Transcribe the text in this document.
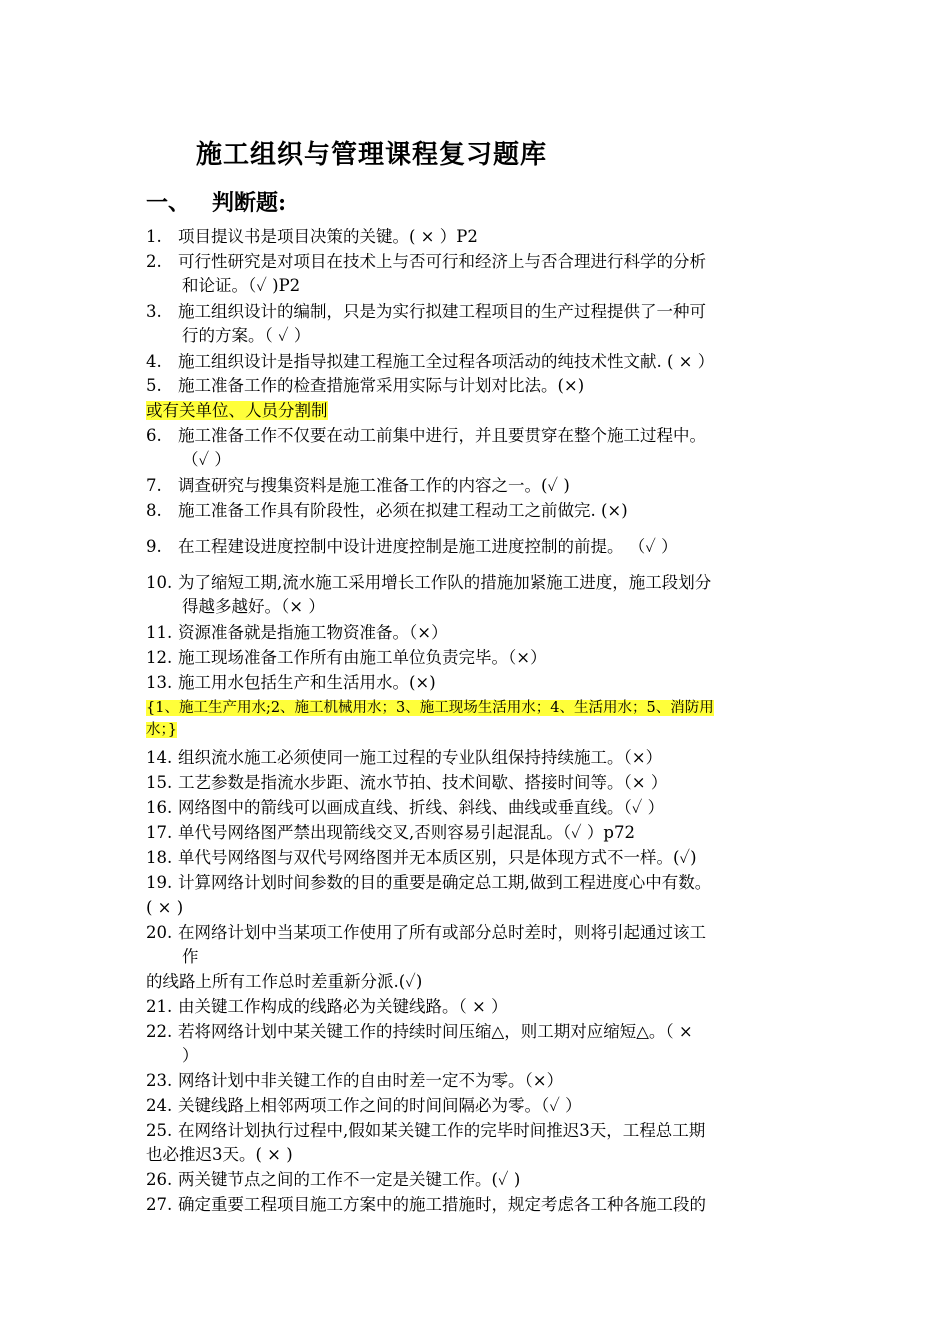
施工组织与管理课程复习题库
一、 判断题:
1. 项目提议书是项目决策的关键。( × ）P2
2. 可行性研究是对项目在技术上与否可行和经济上与否合理进行科学的分析
和论证。（✓ )P2
3. 施工组织设计的编制，只是为实行拟建工程项目的生产过程提供了一种可
行的方案。（ ✓ ）
4. 施工组织设计是指导拟建工程施工全过程各项活动的纯技术性文献. ( × ）
5. 施工准备工作的检查措施常采用实际与计划对比法。(×)
或有关单位、人员分割制
6. 施工准备工作不仅要在动工前集中进行，并且要贯穿在整个施工过程中。
（✓ ）
7. 调查研究与搜集资料是施工准备工作的内容之一。(✓ )
8. 施工准备工作具有阶段性，必须在拟建工程动工之前做完. (×)
9. 在工程建设进度控制中设计进度控制是施工进度控制的前提。 （✓ ）
10. 为了缩短工期,流水施工采用增长工作队的措施加紧施工进度，施工段划分
得越多越好。（× ）
11. 资源准备就是指施工物资准备。（×）
12. 施工现场准备工作所有由施工单位负责完毕。（×）
13. 施工用水包括生产和生活用水。(×)
{1、施工生产用水;2、施工机械用水；3、施工现场生活用水；4、生活用水；5、消防用
水；}
14. 组织流水施工必须使同一施工过程的专业队组保持持续施工。（×）
15. 工艺参数是指流水步距、流水节拍、技术间歇、搭接时间等。（× ）
16. 网络图中的箭线可以画成直线、折线、斜线、曲线或垂直线。（✓ ）
17. 单代号网络图严禁出现箭线交叉,否则容易引起混乱。（✓ ）p72
18. 单代号网络图与双代号网络图并无本质区别，只是体现方式不一样。(✓)
19. 计算网络计划时间参数的目的重要是确定总工期,做到工程进度心中有数。
( × )
20. 在网络计划中当某项工作使用了所有或部分总时差时，则将引起通过该工
作
的线路上所有工作总时差重新分派.(✓)
21. 由关键工作构成的线路必为关键线路。（ × ）
22. 若将网络计划中某关键工作的持续时间压缩△，则工期对应缩短△。（ ×
）
23. 网络计划中非关键工作的自由时差一定不为零。（×）
24. 关键线路上相邻两项工作之间的时间间隔必为零。（✓ ）
25. 在网络计划执行过程中,假如某关键工作的完毕时间推迟3天，工程总工期
也必推迟3天。( × )
26. 两关键节点之间的工作不一定是关键工作。(✓ )
27. 确定重要工程项目施工方案中的施工措施时，规定考虑各工种各施工段的
